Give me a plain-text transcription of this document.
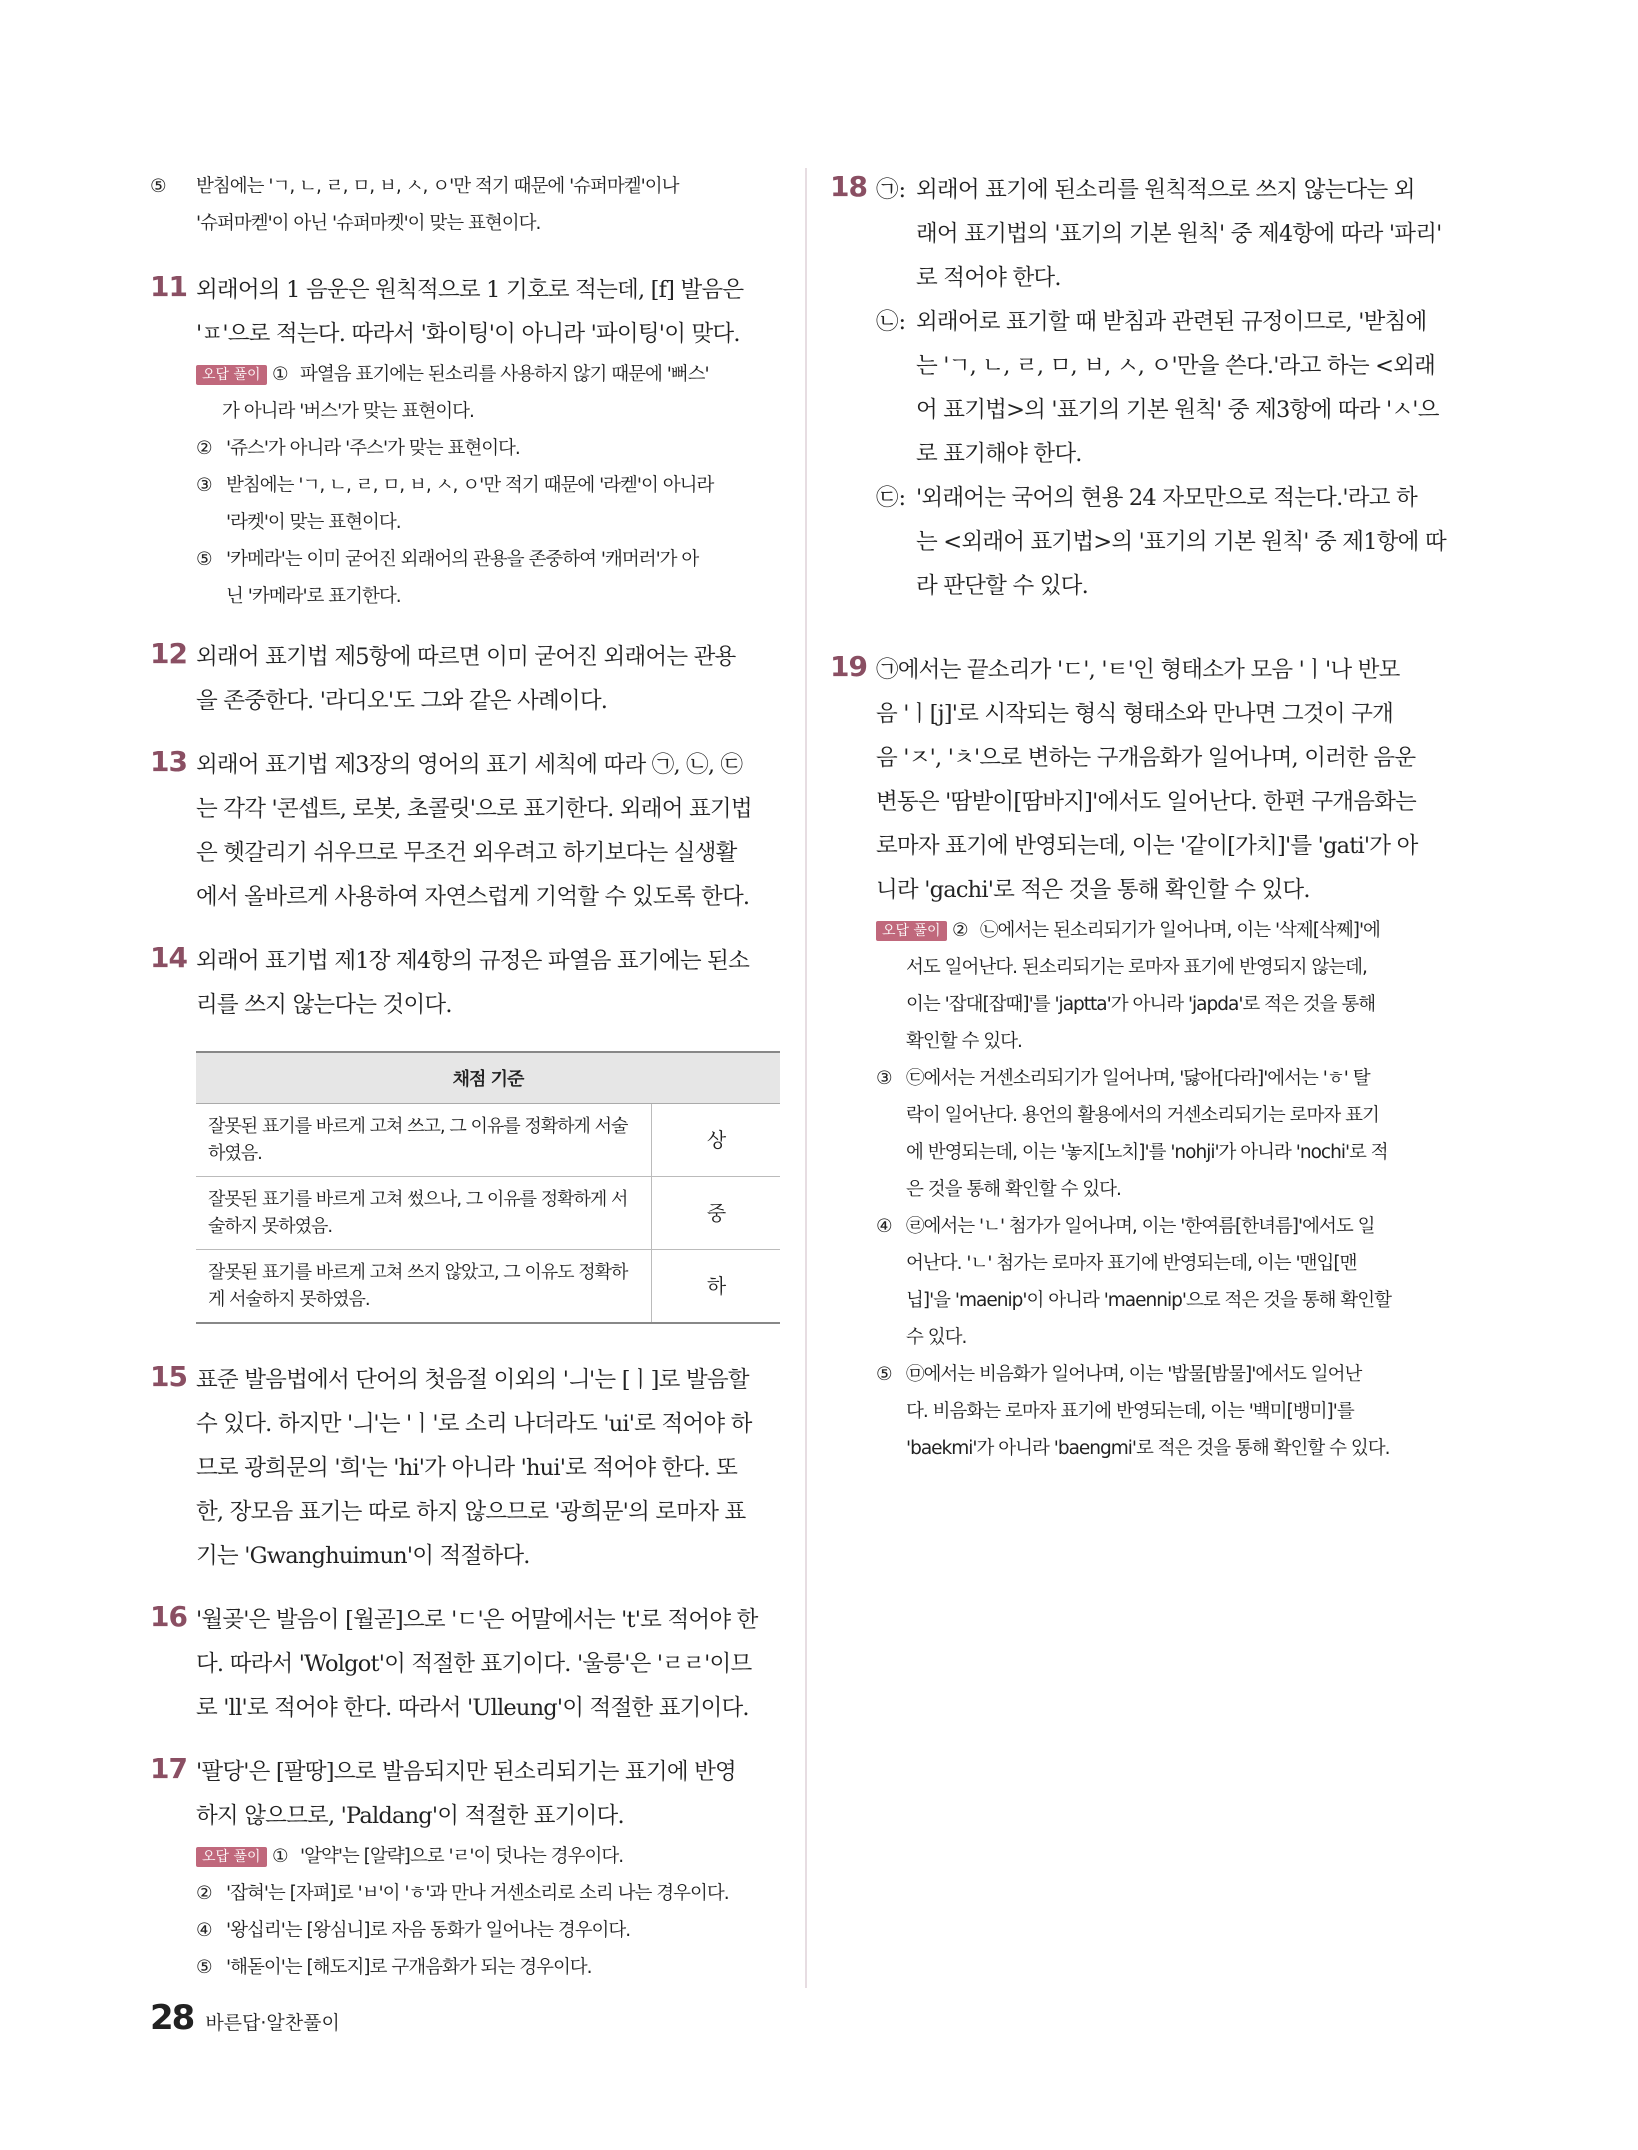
⑤ 받침에는 'ㄱ, ㄴ, ㄹ, ㅁ, ㅂ, ㅅ, ㅇ'만 적기 때문에 '슈퍼마켙'이나
'슈퍼마켇'이 아닌 '슈퍼마켓'이 맞는 표현이다.
11 외래어의 1 음운은 원칙적으로 1 기호로 적는데, [f] 발음은

'ㅍ'으로 적는다. 따라서 '화이팅'이 아니라 '파이팅'이 맞다.

오답 풀이 ① 파열음 표기에는 된소리를 사용하지 않기 때문에 '뻐스'
가 아니라 '버스'가 맞는 표현이다.
② '쥬스'가 아니라 '주스'가 맞는 표현이다.
③ 받침에는 'ㄱ, ㄴ, ㄹ, ㅁ, ㅂ, ㅅ, ㅇ'만 적기 때문에 '라켇'이 아니라
'라켓'이 맞는 표현이다.
⑤ '카메라'는 이미 굳어진 외래어의 관용을 존중하여 '캐머러'가 아
닌 '카메라'로 표기한다.
12 외래어 표기법 제5항에 따르면 이미 굳어진 외래어는 관용

을 존중한다. '라디오'도 그와 같은 사례이다.

13 외래어 표기법 제3장의 영어의 표기 세칙에 따라 ㉠, ㉡, ㉢

는 각각 '콘셉트, 로봇, 초콜릿'으로 표기한다. 외래어 표기법

은 헷갈리기 쉬우므로 무조건 외우려고 하기보다는 실생활

에서 올바르게 사용하여 자연스럽게 기억할 수 있도록 한다.

14 외래어 표기법 제1장 제4항의 규정은 파열음 표기에는 된소

리를 쓰지 않는다는 것이다.

채점 기준	
잘못된 표기를 바르게 고쳐 쓰고, 그 이유를 정확하게 서술하였음.	상
잘못된 표기를 바르게 고쳐 썼으나, 그 이유를 정확하게 서술하지 못하였음.	중
잘못된 표기를 바르게 고쳐 쓰지 않았고, 그 이유도 정확하게 서술하지 못하였음.	하
15 표준 발음법에서 단어의 첫음절 이외의 'ㅢ'는 [ㅣ]로 발음할

수 있다. 하지만 'ㅢ'는 'ㅣ'로 소리 나더라도 'ui'로 적어야 하

므로 광희문의 '희'는 'hi'가 아니라 'hui'로 적어야 한다. 또

한, 장모음 표기는 따로 하지 않으므로 '광희문'의 로마자 표

기는 'Gwanghuimun'이 적절하다.

16 '월곶'은 발음이 [월곧]으로 'ㄷ'은 어말에서는 't'로 적어야 한

다. 따라서 'Wolgot'이 적절한 표기이다. '울릉'은 'ㄹㄹ'이므

로 'll'로 적어야 한다. 따라서 'Ulleung'이 적절한 표기이다.

17 '팔당'은 [팔땅]으로 발음되지만 된소리되기는 표기에 반영

하지 않으므로, 'Paldang'이 적절한 표기이다.

오답 풀이 ① '알약'는 [알략]으로 'ㄹ'이 덧나는 경우이다.
② '잡혀'는 [자펴]로 'ㅂ'이 'ㅎ'과 만나 거센소리로 소리 나는 경우이다.
④ '왕십리'는 [왕심니]로 자음 동화가 일어나는 경우이다.
⑤ '해돋이'는 [해도지]로 구개음화가 되는 경우이다.
18 ㉠: 외래어 표기에 된소리를 원칙적으로 쓰지 않는다는 외

래어 표기법의 '표기의 기본 원칙' 중 제4항에 따라 '파리'

로 적어야 한다.

㉡: 외래어로 표기할 때 받침과 관련된 규정이므로, '받침에

는 'ㄱ, ㄴ, ㄹ, ㅁ, ㅂ, ㅅ, ㅇ'만을 쓴다.'라고 하는 <외래

어 표기법>의 '표기의 기본 원칙' 중 제3항에 따라 'ㅅ'으

로 표기해야 한다.

㉢: '외래어는 국어의 현용 24 자모만으로 적는다.'라고 하

는 <외래어 표기법>의 '표기의 기본 원칙' 중 제1항에 따

라 판단할 수 있다.

19 ㉠에서는 끝소리가 'ㄷ', 'ㅌ'인 형태소가 모음 'ㅣ'나 반모

음 'ㅣ[j]'로 시작되는 형식 형태소와 만나면 그것이 구개

음 'ㅈ', 'ㅊ'으로 변하는 구개음화가 일어나며, 이러한 음운

변동은 '땀받이[땀바지]'에서도 일어난다. 한편 구개음화는

로마자 표기에 반영되는데, 이는 '같이[가치]'를 'gati'가 아

니라 'gachi'로 적은 것을 통해 확인할 수 있다.

오답 풀이 ② ㉡에서는 된소리되기가 일어나며, 이는 '삭제[삭쩨]'에
서도 일어난다. 된소리되기는 로마자 표기에 반영되지 않는데,
이는 '잡대[잡때]'를 'japtta'가 아니라 'japda'로 적은 것을 통해
확인할 수 있다.
③ ㉢에서는 거센소리되기가 일어나며, '닳아[다라]'에서는 'ㅎ' 탈
락이 일어난다. 용언의 활용에서의 거센소리되기는 로마자 표기
에 반영되는데, 이는 '놓지[노치]'를 'nohji'가 아니라 'nochi'로 적
은 것을 통해 확인할 수 있다.
④ ㉣에서는 'ㄴ' 첨가가 일어나며, 이는 '한여름[한녀름]'에서도 일
어난다. 'ㄴ' 첨가는 로마자 표기에 반영되는데, 이는 '맨입[맨
닙]'을 'maenip'이 아니라 'maennip'으로 적은 것을 통해 확인할
수 있다.
⑤ ㉤에서는 비음화가 일어나며, 이는 '밥물[밤물]'에서도 일어난
다. 비음화는 로마자 표기에 반영되는데, 이는 '백미[뱅미]'를
'baekmi'가 아니라 'baengmi'로 적은 것을 통해 확인할 수 있다.
28 바른답·알찬풀이
